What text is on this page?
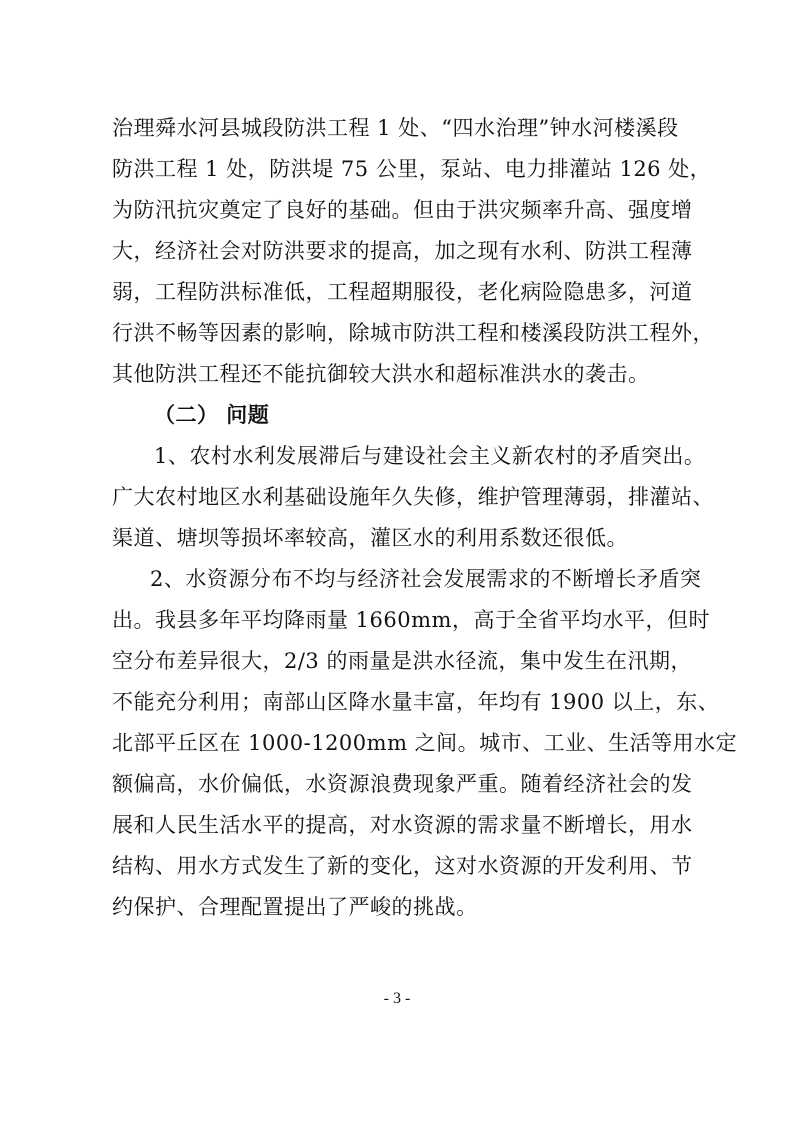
治理舜水河县城段防洪工程 1 处、“四水治理”钟水河楼溪段
防洪工程 1 处，防洪堤 75 公里，泵站、电力排灌站 126 处，
为防汛抗灾奠定了良好的基础。但由于洪灾频率升高、强度增
大，经济社会对防洪要求的提高，加之现有水利、防洪工程薄
弱，工程防洪标准低，工程超期服役，老化病险隐患多，河道
行洪不畅等因素的影响，除城市防洪工程和楼溪段防洪工程外，
其他防洪工程还不能抗御较大洪水和超标准洪水的袭击。
（二） 问题
1、农村水利发展滞后与建设社会主义新农村的矛盾突出。
广大农村地区水利基础设施年久失修，维护管理薄弱，排灌站、
渠道、塘坝等损坏率较高，灌区水的利用系数还很低。
2、水资源分布不均与经济社会发展需求的不断增长矛盾突
出。我县多年平均降雨量 1660mm，高于全省平均水平，但时
空分布差异很大，2/3 的雨量是洪水径流，集中发生在汛期，
不能充分利用；南部山区降水量丰富，年均有 1900 以上，东、
北部平丘区在 1000-1200mm 之间。城市、工业、生活等用水定
额偏高，水价偏低，水资源浪费现象严重。随着经济社会的发
展和人民生活水平的提高，对水资源的需求量不断增长，用水
结构、用水方式发生了新的变化，这对水资源的开发利用、节
约保护、合理配置提出了严峻的挑战。
- 3 -
